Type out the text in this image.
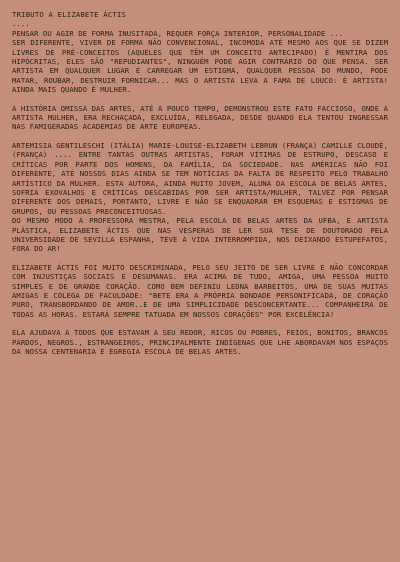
TRIBUTO A ELIZABETE ÁCTIS

....

PENSAR OU AGIR DE FORMA INUSITADA, REQUER FORÇA INTERIOR, PERSONALIDADE ...

SER DIFERENTE, VIVER DE FORMA NÃO CONVENCIONAL, INCOMODA ATÉ MESMO AOS QUE SE DIZEM LIVRES DE PRÉ-CONCEITOS (AQUELES QUE TÊM UM CONCEITO ANTECIPADO) É MENTIRA DOS HIPÓCRITAS, ELES SÃO "REPUDIANTES", NINGUÉM PODE AGIR CONTRÁRIO DO QUE PENSA. SER ARTISTA EM QUALQUER LUGAR É CARREGAR UM ESTIGMA, QUALQUER PESSOA DO MUNDO, PODE MATAR, ROUBAR, DESTRUIR FORNICAR... MAS O ARTISTA LEVA A FAMA DE LOUCO: É ARTISTA! AINDA MAIS QUANDO É MULHER.

A HISTÓRIA OMISSA DAS ARTES, ATÉ A POUCO TEMPO, DEMONSTROU ESTE FATO FACCIOSO, ONDE A ARTISTA MULHER, ERA RECHAÇADA, EXCLUÍDA, RELEGADA, DESDE QUANDO ELA TENTOU INGRESSAR NAS FAMIGERADAS ACADEMIAS DE ARTE EUROPEAS.

ARTEMISIA GENTILESCHI (ITÁLIA) MARIE-LOUISE-ELIZABETH LEBRUN (FRANÇA) CAMILLE CLOUDÉ, (FRANÇA) .... ENTRE TANTAS OUTRAS ARTISTAS, FORAM VÍTIMAS DE ESTRUPO, DESCASO E CRÍTICAS POR PARTE DOS HOMENS, DA FAMÍLIA, DA SOCIEDADE. NAS AMÉRICAS NÃO FOI DIFERENTE, ATÉ NOSSOS DIAS AINDA SE TEM NOTÍCIAS DA FALTA DE RESPEITO PELO TRABALHO ARTÍSTICO DA MULHER. ESTA AUTORA, AINDA MUITO JOVEM, ALUNA DA ESCOLA DE BELAS ARTES, SOFRIA EXOVALHOS E CRÍTICAS DESCABIDAS POR SER ARTISTA/MULHER, TALVEZ POR PENSAR DIFERENTE DOS DEMAIS, PORTANTO, LIVRE E NÃO SE ENQUADRAR EM ESQUEMAS E ESTIGMAS DE GRUPOS, OU PESSOAS PRECONCEITUOSAS.

DO MESMO MODO A PROFESSORA MESTRA, PELA ESCOLA DE BELAS ARTES DA UFBA, E ARTISTA PLÁSTICA, ELIZABETE ÁCTIS QUE NAS VESPERAS DE LER SUA TESE DE DOUTORADO PELA UNIVERSIDADE DE SEVILLA ESPANHA, TEVE A VIDA INTERROMPIDA, NOS DEIXANDO ESTUPEFATOS, FORA DO AR!

ELIZABETE ÁCTIS FOI MUITO DESCRIMINADA, PELO SEU JEITO DE SER LIVRE E NÃO CONCORDAR COM INJUSTIÇAS SOCIAIS E DESUMANAS. ERA ACIMA DE TUDO, AMIGA, UMA PESSOA MUITO SIMPLES E DE GRANDE CORAÇÃO. COMO BEM DEFINIU LEDNA BARBEITOS, UMA DE SUAS MUITAS AMIGAS E COLEGA DE FACULDADE: "BETE ERA A PRÓPRIA BONDADE PERSONIFICADA, DE CORAÇÃO PURO, TRANSBORDANDO DE AMOR..E DE UMA SIMPLICIDADE DESCONCERTANTE... COMPANHEIRA DE TODAS AS HORAS. ESTARÁ SEMPRE TATUADA EM NOSSOS CORAÇÕES" POR EXCELÊNCIA!

ELA AJUDAVA A TODOS QUE ESTAVAM A SEU REDOR, RICOS OU POBRES, FEIOS, BONITOS, BRANCOS PARDOS, NEGROS., ESTRANGEIROS, PRINCIPALMENTE INDÍGENAS QUE LHE ABORDAVAM NOS ESPAÇOS DA NOSSA CENTENARIA E EGREGIA ESCOLA DE BELAS ARTES.
